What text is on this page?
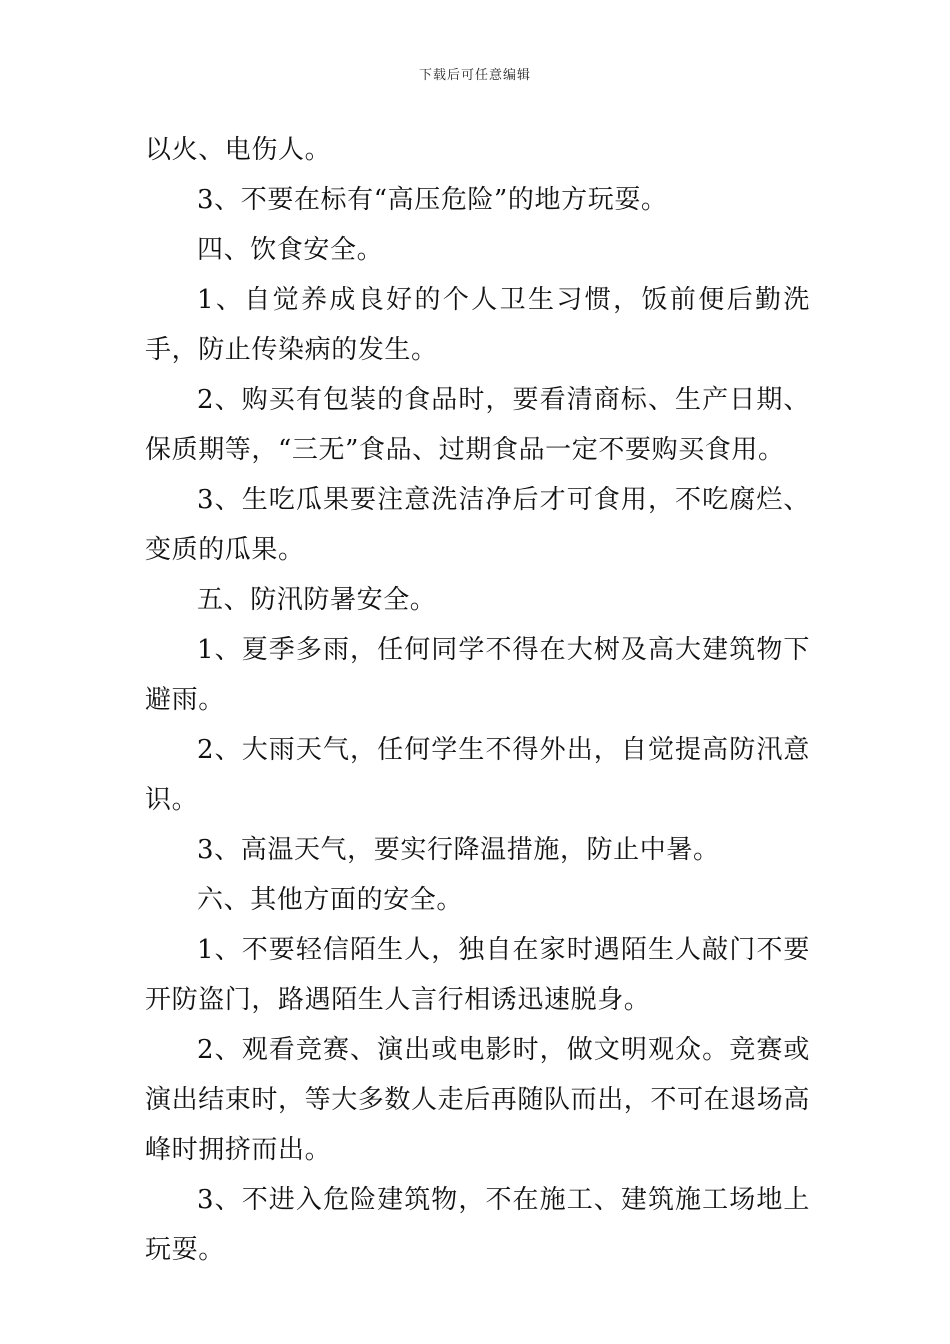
下载后可任意编辑

以火、电伤人。

3、不要在标有“高压危险”的地方玩耍。

四、饮食安全。

1、自觉养成良好的个人卫生习惯，饭前便后勤洗手，防止传染病的发生。

2、购买有包装的食品时，要看清商标、生产日期、保质期等，“三无”食品、过期食品一定不要购买食用。

3、生吃瓜果要注意洗洁净后才可食用，不吃腐烂、变质的瓜果。

五、防汛防暑安全。

1、夏季多雨，任何同学不得在大树及高大建筑物下避雨。

2、大雨天气，任何学生不得外出，自觉提高防汛意识。

3、高温天气，要实行降温措施，防止中暑。

六、其他方面的安全。

1、不要轻信陌生人，独自在家时遇陌生人敲门不要开防盗门，路遇陌生人言行相诱迅速脱身。

2、观看竞赛、演出或电影时，做文明观众。竞赛或演出结束时，等大多数人走后再随队而出，不可在退场高峰时拥挤而出。

3、不进入危险建筑物，不在施工、建筑施工场地上玩耍。
